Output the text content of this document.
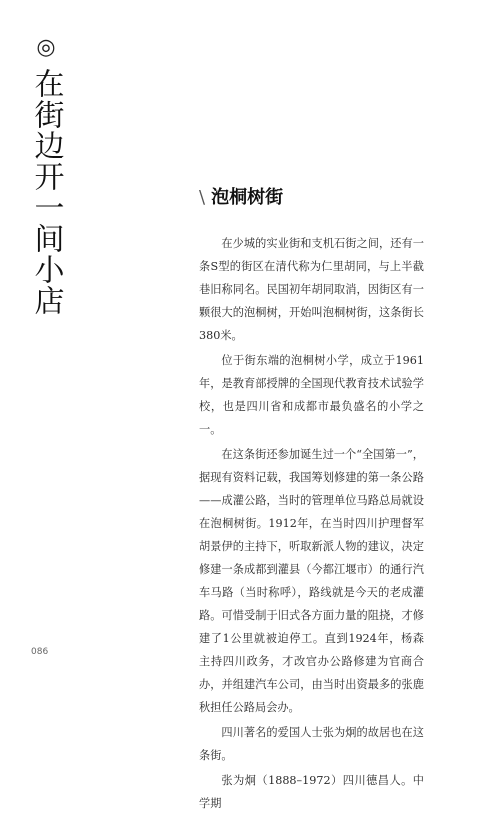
◎
在街边开一间小店	\ 泡桐树街

在少城的实业街和支机石街之间，还有一条S型的街区在清代称为仁里胡同，与上半截巷旧称同名。民国初年胡同取消，因街区有一颗很大的泡桐树，开始叫泡桐树街，这条街长380米。

位于街东端的泡桐树小学，成立于1961年，是教育部授牌的全国现代教育技术试验学校，也是四川省和成都市最负盛名的小学之一。

在这条街还参加诞生过一个“全国第一”，据现有资料记载，我国筹划修建的第一条公路——成灌公路，当时的管理单位马路总局就设在泡桐树街。1912年，在当时四川护理督军胡景伊的主持下，听取新派人物的建议，决定修建一条成都到灌县（今都江堰市）的通行汽车马路（当时称呼），路线就是今天的老成灌路。可惜受制于旧式各方面力量的阻挠，才修建了1公里就被迫停工。直到1924年，杨森主持四川政务，才改官办公路修建为官商合办，并组建汽车公司，由当时出资最多的张鹿秋担任公路局会办。

四川著名的爱国人士张为炯的故居也在这条街。

张为炯（1888–1972）四川德昌人。中学期

086
